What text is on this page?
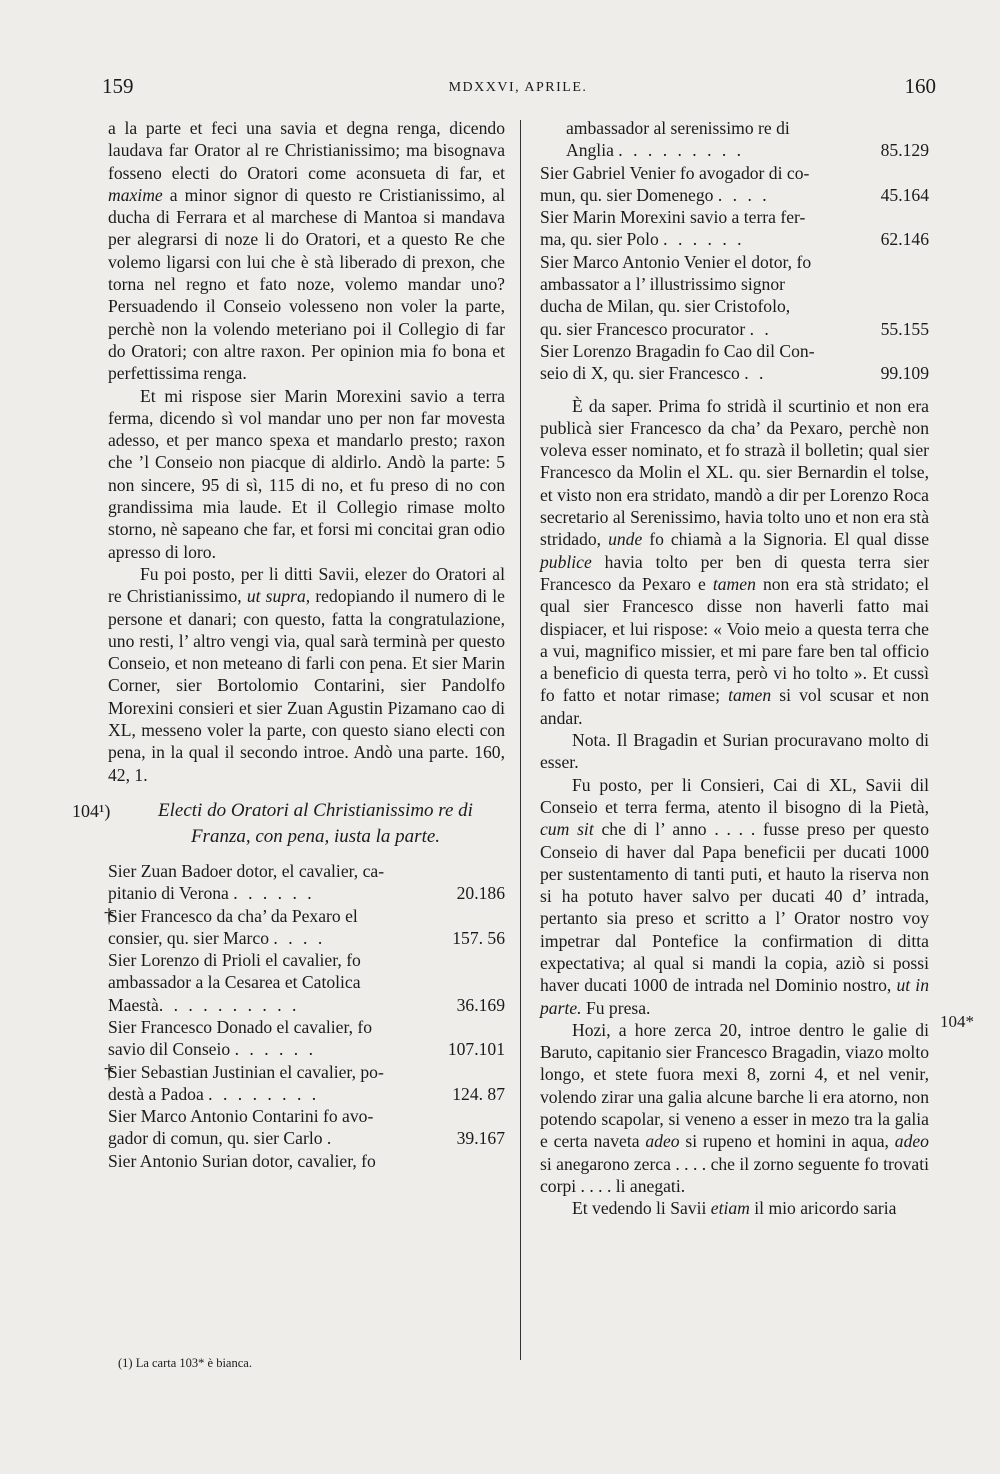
159	MDXXVI, APRILE.	160

a la parte et feci una savia et degna renga, dicendo laudava far Orator al re Christianissimo; ma bisognava fosseno electi do Oratori come aconsueta di far, et maxime a minor signor di questo re Cristianissimo, al ducha di Ferrara et al marchese di Mantoa si mandava per alegrarsi di noze li do Oratori, et a questo Re che volemo ligarsi con lui che è stà liberado di prexon, che torna nel regno et fato noze, volemo mandar uno? Persuadendo il Conseio volesseno non voler la parte, perchè non la volendo meteriano poi il Collegio di far do Oratori; con altre raxon. Per opinion mia fo bona et perfettissima renga.

Et mi rispose sier Marin Morexini savio a terra ferma, dicendo sì vol mandar uno per non far movesta adesso, et per manco spexa et mandarlo presto; raxon che ’l Conseio non piacque di aldirlo. Andò la parte: 5 non sincere, 95 di sì, 115 di no, et fu preso di no con grandissima mia laude. Et il Collegio rimase molto storno, nè sapeano che far, et forsi mi concitai gran odio apresso di loro.

Fu poi posto, per li ditti Savii, elezer do Oratori al re Christianissimo, ut supra, redopiando il numero di le persone et danari; con questo, fatta la congratulazione, uno resti, l’ altro vengi via, qual sarà terminà per questo Conseio, et non meteano di farli con pena. Et sier Marin Corner, sier Bortolomio Contarini, sier Pandolfo Morexini consieri et sier Zuan Agustin Pizamano cao di XL, messeno voler la parte, con questo siano electi con pena, in la qual il secondo introe. Andò una parte. 160, 42, 1.

104¹)	Electi do Oratori al Christianissimo re di
Franza, con pena, iusta la parte.
Sier Zuan Badoer dotor, el cavalier, ca-
pitanio di Verona . . . . . .	20.186
† Sier Francesco da cha’ da Pexaro el
consier, qu. sier Marco . . . .	157. 56
Sier Lorenzo di Prioli el cavalier, fo
ambassador a la Cesarea et Catolica
Maestà. . . . . . . . . .	36.169
Sier Francesco Donado el cavalier, fo
savio dil Conseio . . . . . .	107.101
† Sier Sebastian Justinian el cavalier, po-
destà a Padoa . . . . . . . .	124. 87
Sier Marco Antonio Contarini fo avo-
gador di comun, qu. sier Carlo .	39.167
Sier Antonio Surian dotor, cavalier, fo
(1) La carta 103* è bianca.
ambassador al serenissimo re di
Anglia . . . . . . . . .	85.129
Sier Gabriel Venier fo avogador di co-
mun, qu. sier Domenego . . . .	45.164
Sier Marin Morexini savio a terra fer-
ma, qu. sier Polo . . . . . .	62.146
Sier Marco Antonio Venier el dotor, fo
ambassator a l’ illustrissimo signor
ducha de Milan, qu. sier Cristofolo,
qu. sier Francesco procurator . .	55.155
Sier Lorenzo Bragadin fo Cao dil Con-
seio di X, qu. sier Francesco . .	99.109

È da saper. Prima fo stridà il scurtinio et non era publicà sier Francesco da cha’ da Pexaro, perchè non voleva esser nominato, et fo strazà il bolletin; qual sier Francesco da Molin el XL. qu. sier Bernardin el tolse, et visto non era stridato, mandò a dir per Lorenzo Roca secretario al Serenissimo, havia tolto uno et non era stà stridado, unde fo chiamà a la Signoria. El qual disse publice havia tolto per ben di questa terra sier Francesco da Pexaro e tamen non era stà stridato; el qual sier Francesco disse non haverli fatto mai dispiacer, et lui rispose: « Voio meio a questa terra che a vui, magnifico missier, et mi pare fare ben tal officio a beneficio di questa terra, però vi ho tolto ». Et cussì fo fatto et notar rimase; tamen si vol scusar et non andar.

Nota. Il Bragadin et Surian procuravano molto di esser.

Fu posto, per li Consieri, Cai di XL, Savii dil Conseio et terra ferma, atento il bisogno di la Pietà, cum sit che di l’ anno . . . . fusse preso per questo Conseio di haver dal Papa beneficii per ducati 1000 per sustentamento di tanti puti, et hauto la riserva non si ha potuto haver salvo per ducati 40 d’ intrada, pertanto sia preso et scritto a l’ Orator nostro voy impetrar dal Pontefice la confirmation di ditta expectativa; al qual si mandi la copia, aziò si possi haver ducati 1000 de intrada nel Dominio nostro, ut in parte. Fu presa.

Hozi, a hore zerca 20, introe dentro le galie di Baruto, capitanio sier Francesco Bragadin, viazo molto longo, et stete fuora mexi 8, zorni 4, et nel venir, volendo zirar una galia alcune barche li era atorno, non potendo scapolar, si veneno a esser in mezo tra la galia e certa naveta adeo si rupeno et homini in aqua, adeo si anegarono zerca . . . . che il zorno seguente fo trovati corpi . . . . li anegati.

Et vedendo li Savii etiam il mio aricordo saria

104*
